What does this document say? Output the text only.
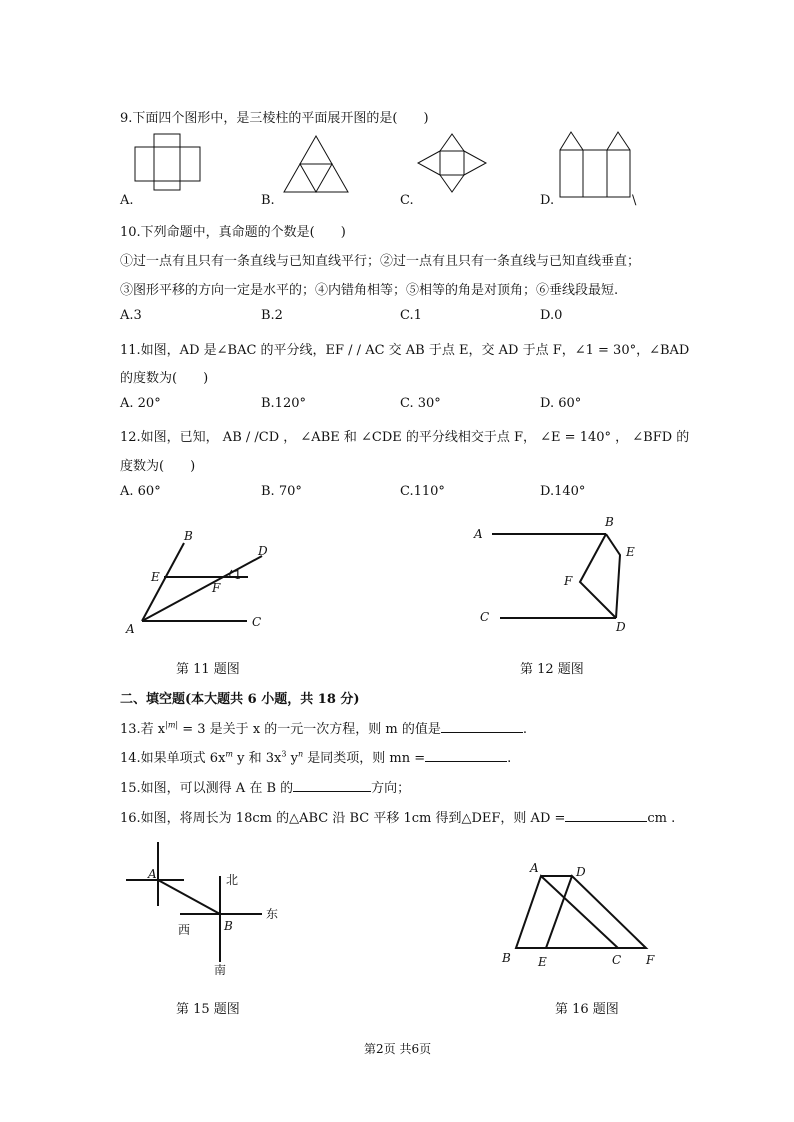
9.下面四个图形中，是三棱柱的平面展开图的是(　　)
A.	B.	C.	D.	\
10.下列命题中，真命题的个数是(　　)
①过一点有且只有一条直线与已知直线平行；②过一点有且只有一条直线与已知直线垂直；
③图形平移的方向一定是水平的；④内错角相等；⑤相等的角是对顶角；⑥垂线段最短.
A.3	B.2	C.1	D.0
11.如图，AD 是∠BAC 的平分线，EF / / AC 交 AB 于点 E，交 AD 于点 F，∠1 = 30°，∠BAD
的度数为(　　)
A. 20°	B.120°	C. 30°	D. 60°
12.如图，已知， AB / /CD ， ∠ABE 和 ∠CDE 的平分线相交于点 F， ∠E = 140° ， ∠BFD 的
度数为(　　)
A. 60°	B. 70°	C.110°	D.140°
B
D
E
F
1
A	C
第 11 题图
A
B
E
F
C
D
第 12 题图
二、填空题(本大题共 6 小题，共 18 分)
13.若 $x^{|m|} = 3$ 是关于 x 的一元一次方程，则 m 的值是	.
14.如果单项式 $6x^m$ y 和 $3x^3$ $y^n$ 是同类项，则 mn =	.
15.如图，可以测得 A 在 B 的	方向；
16.如图，将周长为 18cm 的△ABC 沿 BC 平移 1cm 得到△DEF，则 AD =	cm .
A	北
东
西	B
南
第 15 题图
A	D
B E	C F
第 16 题图
第2页 共6页
